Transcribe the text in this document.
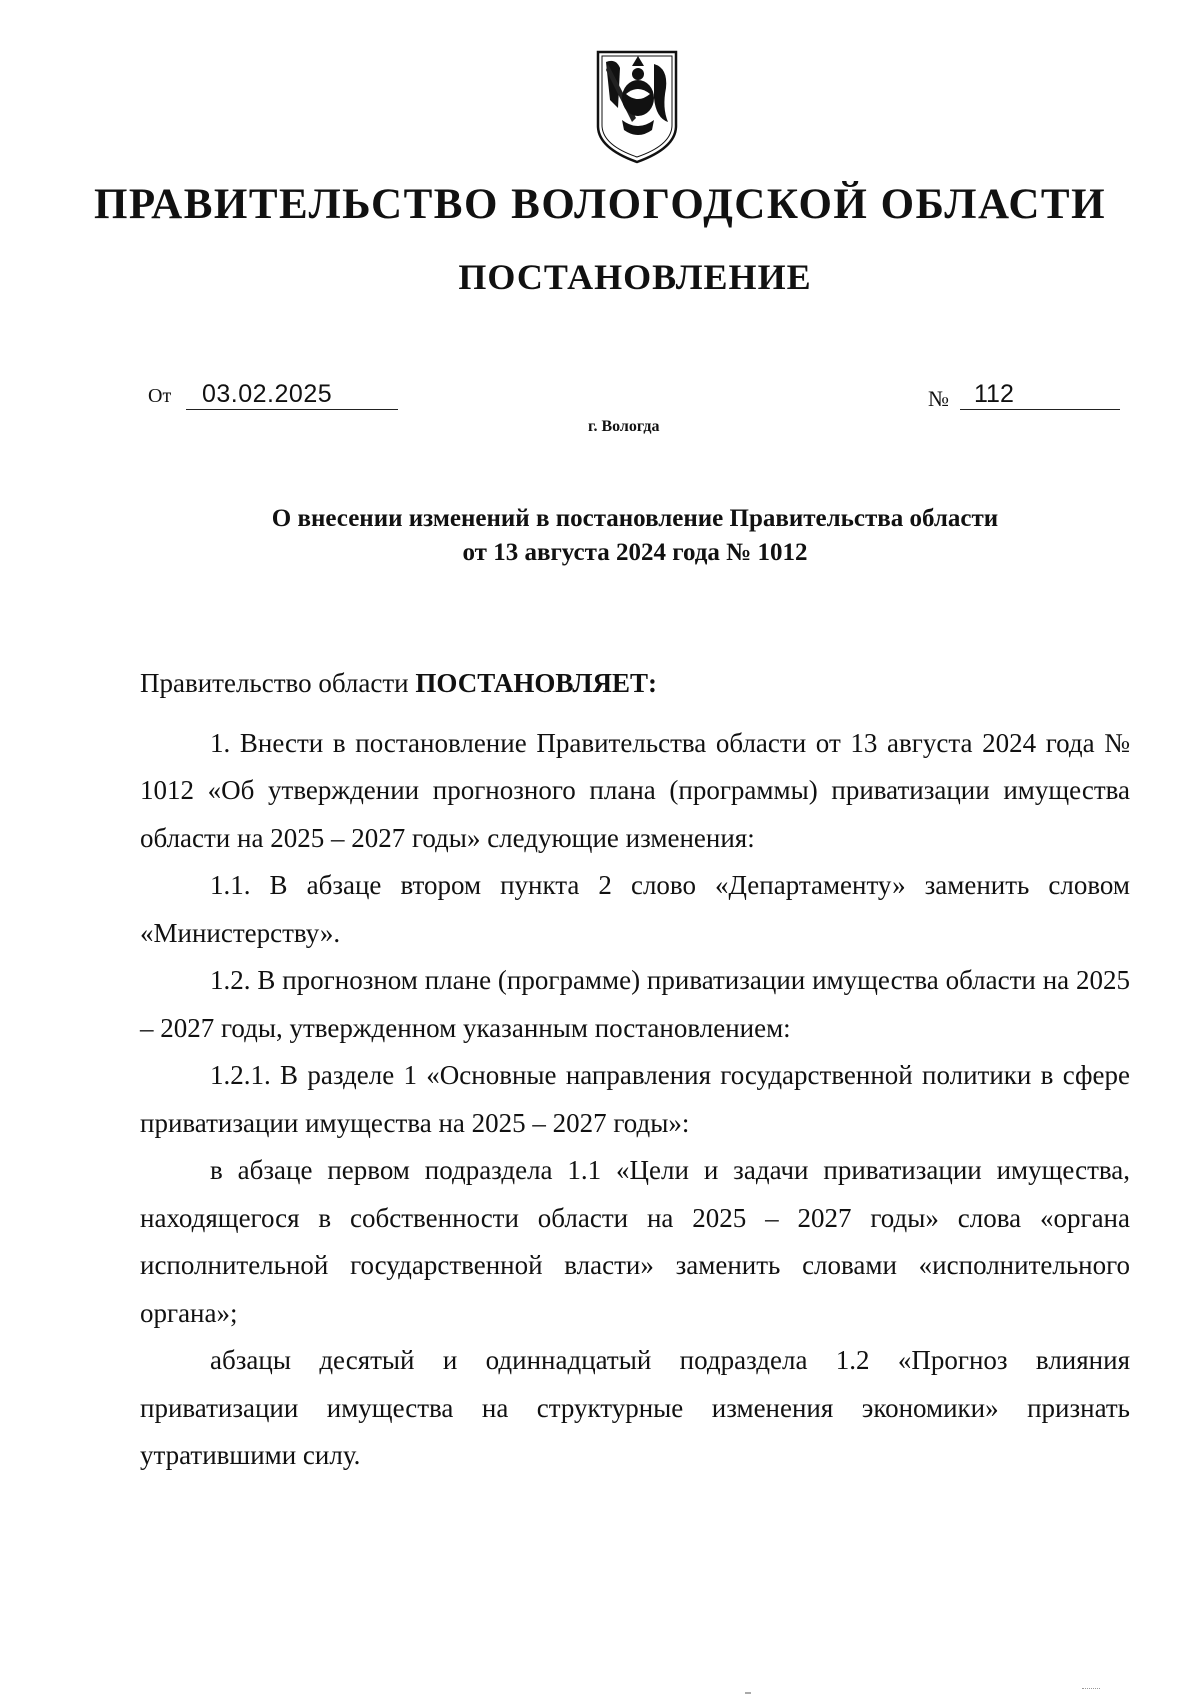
ПРАВИТЕЛЬСТВО ВОЛОГОДСКОЙ ОБЛАСТИ
ПОСТАНОВЛЕНИЕ
От	03.02.2025	№	112
г. Вологда
О внесении изменений в постановление Правительства области
от 13 августа 2024 года № 1012

Правительство области ПОСТАНОВЛЯЕТ:

1. Внести в постановление Правительства области от 13 августа 2024 года № 1012 «Об утверждении прогнозного плана (программы) приватизации имущества области на 2025 – 2027 годы» следующие изменения:

1.1. В абзаце втором пункта 2 слово «Департаменту» заменить словом «Министерству».

1.2. В прогнозном плане (программе) приватизации имущества области на 2025 – 2027 годы, утвержденном указанным постановлением:

1.2.1. В разделе 1 «Основные направления государственной политики в сфере приватизации имущества на 2025 – 2027 годы»:

в абзаце первом подраздела 1.1 «Цели и задачи приватизации имущества, находящегося в собственности области на 2025 – 2027 годы» слова «органа исполнительной государственной власти» заменить словами «исполнительного органа»;

абзацы десятый и одиннадцатый подраздела 1.2 «Прогноз влияния приватизации имущества на структурные изменения экономики» признать утратившими силу.
